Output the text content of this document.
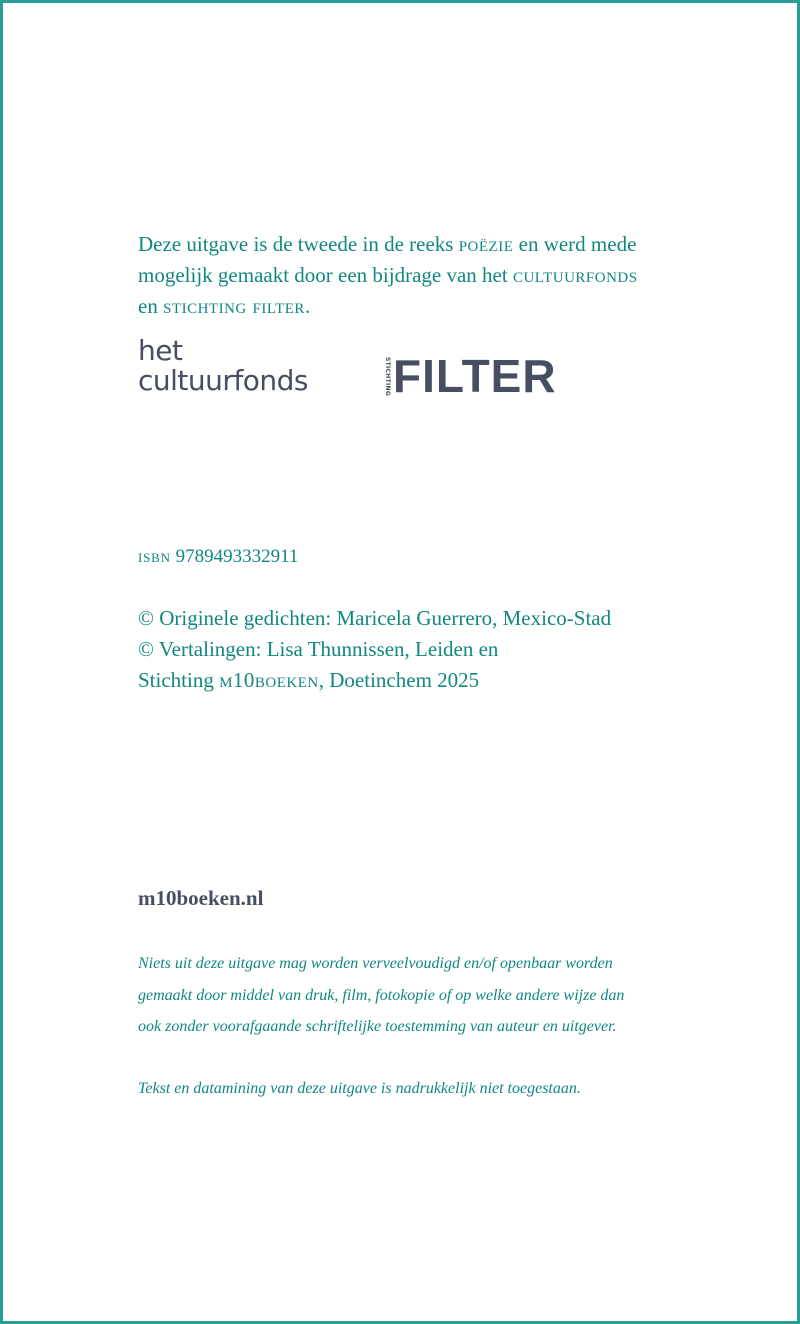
Deze uitgave is de tweede in de reeks poëzie en werd mede mogelijk gemaakt door een bijdrage van het cultuurfonds en stichting filter.

het
cultuurfonds	STICHTING FILTER
isbn 9789493332911

© Originele gedichten: Maricela Guerrero, Mexico-Stad

© Vertalingen: Lisa Thunnissen, Leiden en

Stichting m10boeken, Doetinchem 2025

m10boeken.nl

Niets uit deze uitgave mag worden verveelvoudigd en/of openbaar worden gemaakt door middel van druk, film, fotokopie of op welke andere wijze dan ook zonder voorafgaande schriftelijke toestemming van auteur en uitgever.

Tekst en datamining van deze uitgave is nadrukkelijk niet toegestaan.
